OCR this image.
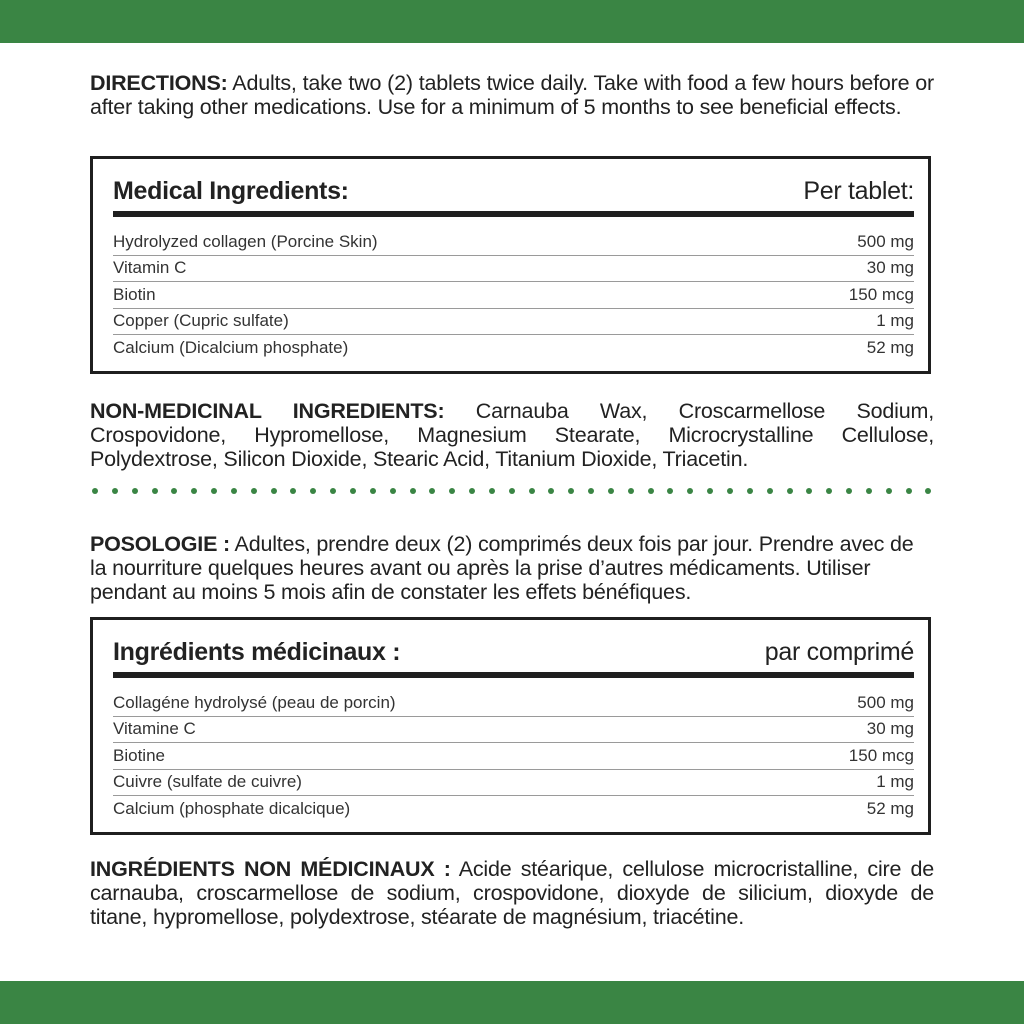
DIRECTIONS: Adults, take two (2) tablets twice daily. Take with food a few hours before or after taking other medications. Use for a minimum of 5 months to see beneficial effects.
Medical Ingredients:	Per tablet:
Hydrolyzed collagen (Porcine Skin)	500 mg
Vitamin C	30 mg
Biotin	150 mcg
Copper (Cupric sulfate)	1 mg
Calcium (Dicalcium phosphate)	52 mg
NON-MEDICINAL INGREDIENTS: Carnauba Wax, Croscarmellose Sodium, Crospovidone, Hypromellose, Magnesium Stearate, Microcrystalline Cellulose, Polydextrose, Silicon Dioxide, Stearic Acid, Titanium Dioxide, Triacetin.
POSOLOGIE : Adultes, prendre deux (2) comprimés deux fois par jour. Prendre avec de la nourriture quelques heures avant ou après la prise d’autres médicaments. Utiliser pendant au moins 5 mois afin de constater les effets bénéfiques.
Ingrédients médicinaux :	par comprimé
Collagéne hydrolysé (peau de porcin)	500 mg
Vitamine C	30 mg
Biotine	150 mcg
Cuivre (sulfate de cuivre)	1 mg
Calcium (phosphate dicalcique)	52 mg
INGRÉDIENTS NON MÉDICINAUX : Acide stéarique, cellulose microcristalline, cire de carnauba, croscarmellose de sodium, crospovidone, dioxyde de silicium, dioxyde de titane, hypromellose, polydextrose, stéarate de magnésium, triacétine.
